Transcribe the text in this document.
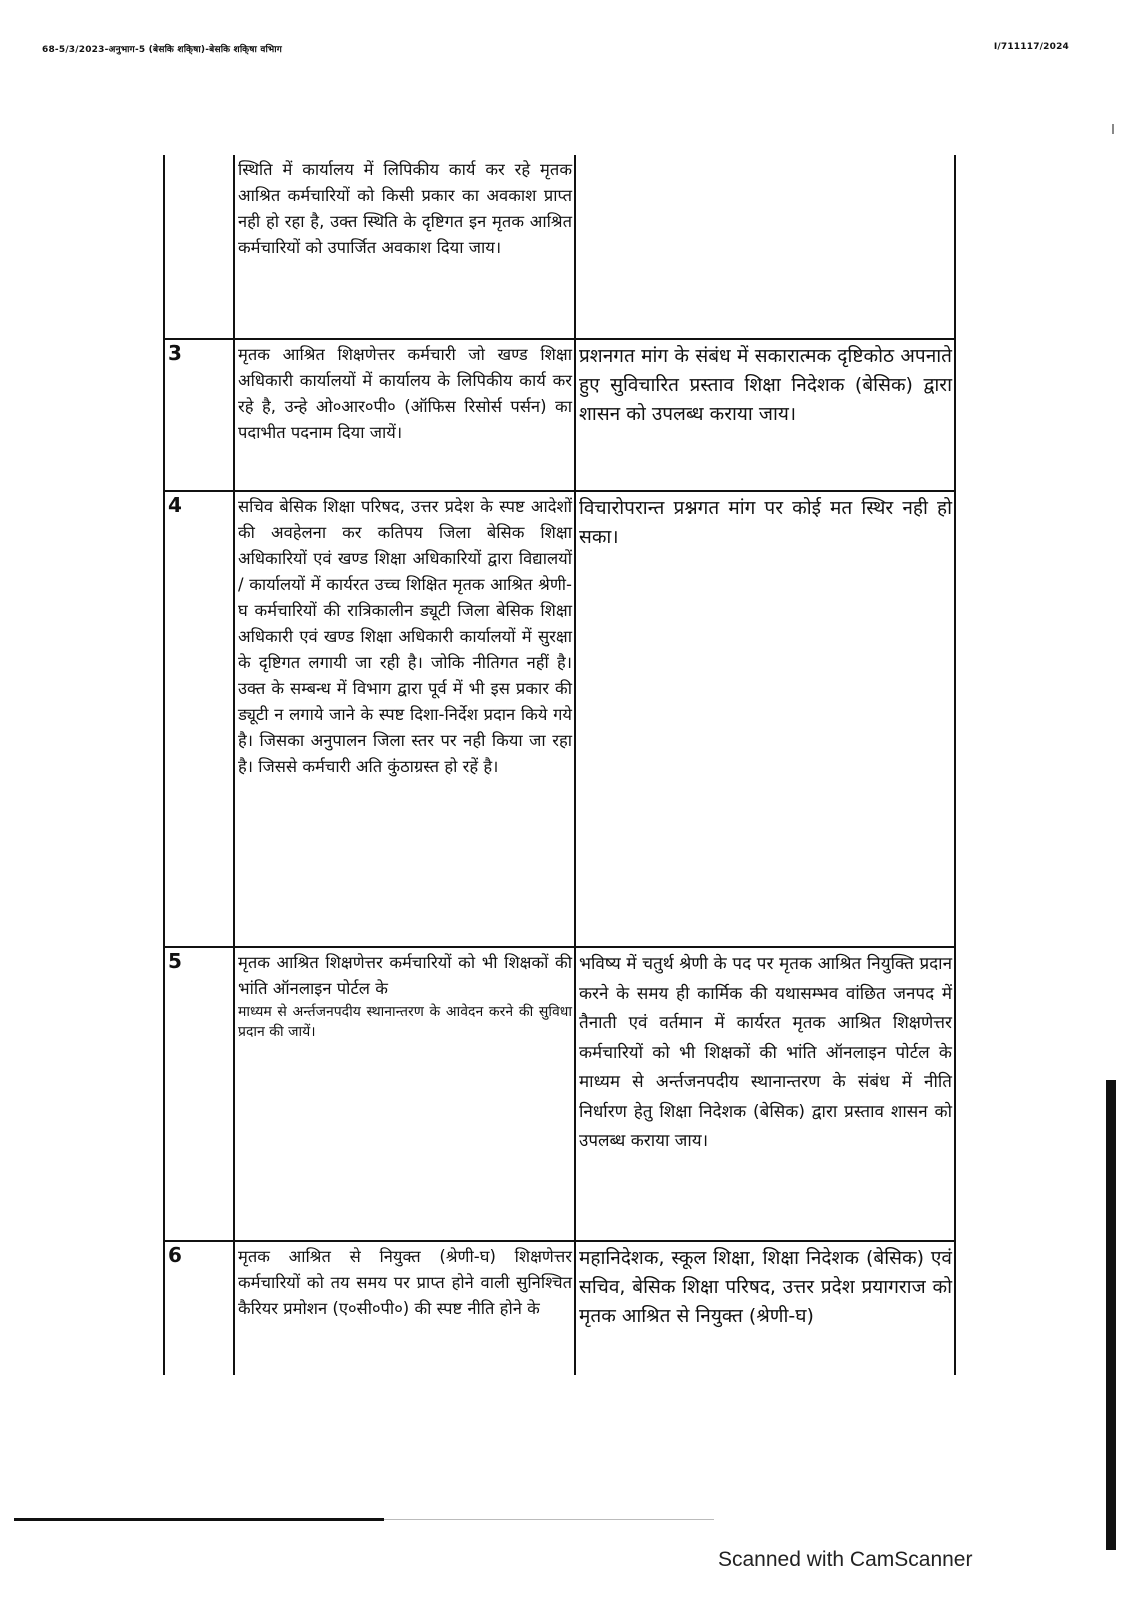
68-5/3/2023-अनुभाग-5 (बेसकि शकि्षा)-बेसकि शकि्षा वभिाग	I/711117/2024
	स्थिति में कार्यालय में लिपिकीय कार्य कर रहे मृतक आश्रित कर्मचारियों को किसी प्रकार का अवकाश प्राप्त नही हो रहा है, उक्त स्थिति के दृष्टिगत इन मृतक आश्रित कर्मचारियों को उपार्जित अवकाश दिया जाय।	
3	मृतक आश्रित शिक्षणेत्तर कर्मचारी जो खण्ड शिक्षा अधिकारी कार्यालयों में कार्यालय के लिपिकीय कार्य कर रहे है, उन्हे ओ०आर०पी० (ऑफिस रिसोर्स पर्सन) का पदाभीत पदनाम दिया जायें।	प्रशनगत मांग के संबंध में सकारात्मक दृष्टिकोठ अपनाते हुए सुविचारित प्रस्ताव शिक्षा निदेशक (बेसिक) द्वारा शासन को उपलब्ध कराया जाय।
4	सचिव बेसिक शिक्षा परिषद, उत्तर प्रदेश के स्पष्ट आदेशों की अवहेलना कर कतिपय जिला बेसिक शिक्षा अधिकारियों एवं खण्ड शिक्षा अधिकारियों द्वारा विद्यालयों / कार्यालयों में कार्यरत उच्च शिक्षित मृतक आश्रित श्रेणी-घ कर्मचारियों की रात्रिकालीन ड्यूटी जिला बेसिक शिक्षा अधिकारी एवं खण्ड शिक्षा अधिकारी कार्यालयों में सुरक्षा के दृष्टिगत लगायी जा रही है। जोकि नीतिगत नहीं है। उक्त के सम्बन्ध में विभाग द्वारा पूर्व में भी इस प्रकार की ड्यूटी न लगाये जाने के स्पष्ट दिशा-निर्देश प्रदान किये गये है। जिसका अनुपालन जिला स्तर पर नही किया जा रहा है। जिससे कर्मचारी अति कुंठाग्रस्त हो रहें है।	विचारोपरान्त प्रश्नगत मांग पर कोई मत स्थिर नही हो सका।
5	मृतक आश्रित शिक्षणेत्तर कर्मचारियों को भी शिक्षकों की भांति ऑनलाइन पोर्टल के
माध्यम से अर्न्तजनपदीय स्थानान्तरण के आवेदन करने की सुविधा प्रदान की जायें।	भविष्य में चतुर्थ श्रेणी के पद पर मृतक आश्रित नियुक्ति प्रदान करने के समय ही कार्मिक की यथासम्भव वांछित जनपद में तैनाती एवं वर्तमान में कार्यरत मृतक आश्रित शिक्षणेत्तर कर्मचारियों को भी शिक्षकों की भांति ऑनलाइन पोर्टल के माध्यम से अर्न्तजनपदीय स्थानान्तरण के संबंध में नीति निर्धारण हेतु शिक्षा निदेशक (बेसिक) द्वारा प्रस्ताव शासन को उपलब्ध कराया जाय।
6	मृतक आश्रित से नियुक्त (श्रेणी-घ) शिक्षणेत्तर कर्मचारियों को तय समय पर प्राप्त होने वाली सुनिश्चित कैरियर प्रमोशन (ए०सी०पी०) की स्पष्ट नीति होने के	महानिदेशक, स्कूल शिक्षा, शिक्षा निदेशक (बेसिक) एवं सचिव, बेसिक शिक्षा परिषद, उत्तर प्रदेश प्रयागराज को मृतक आश्रित से नियुक्त (श्रेणी-घ)
Scanned with CamScanner
